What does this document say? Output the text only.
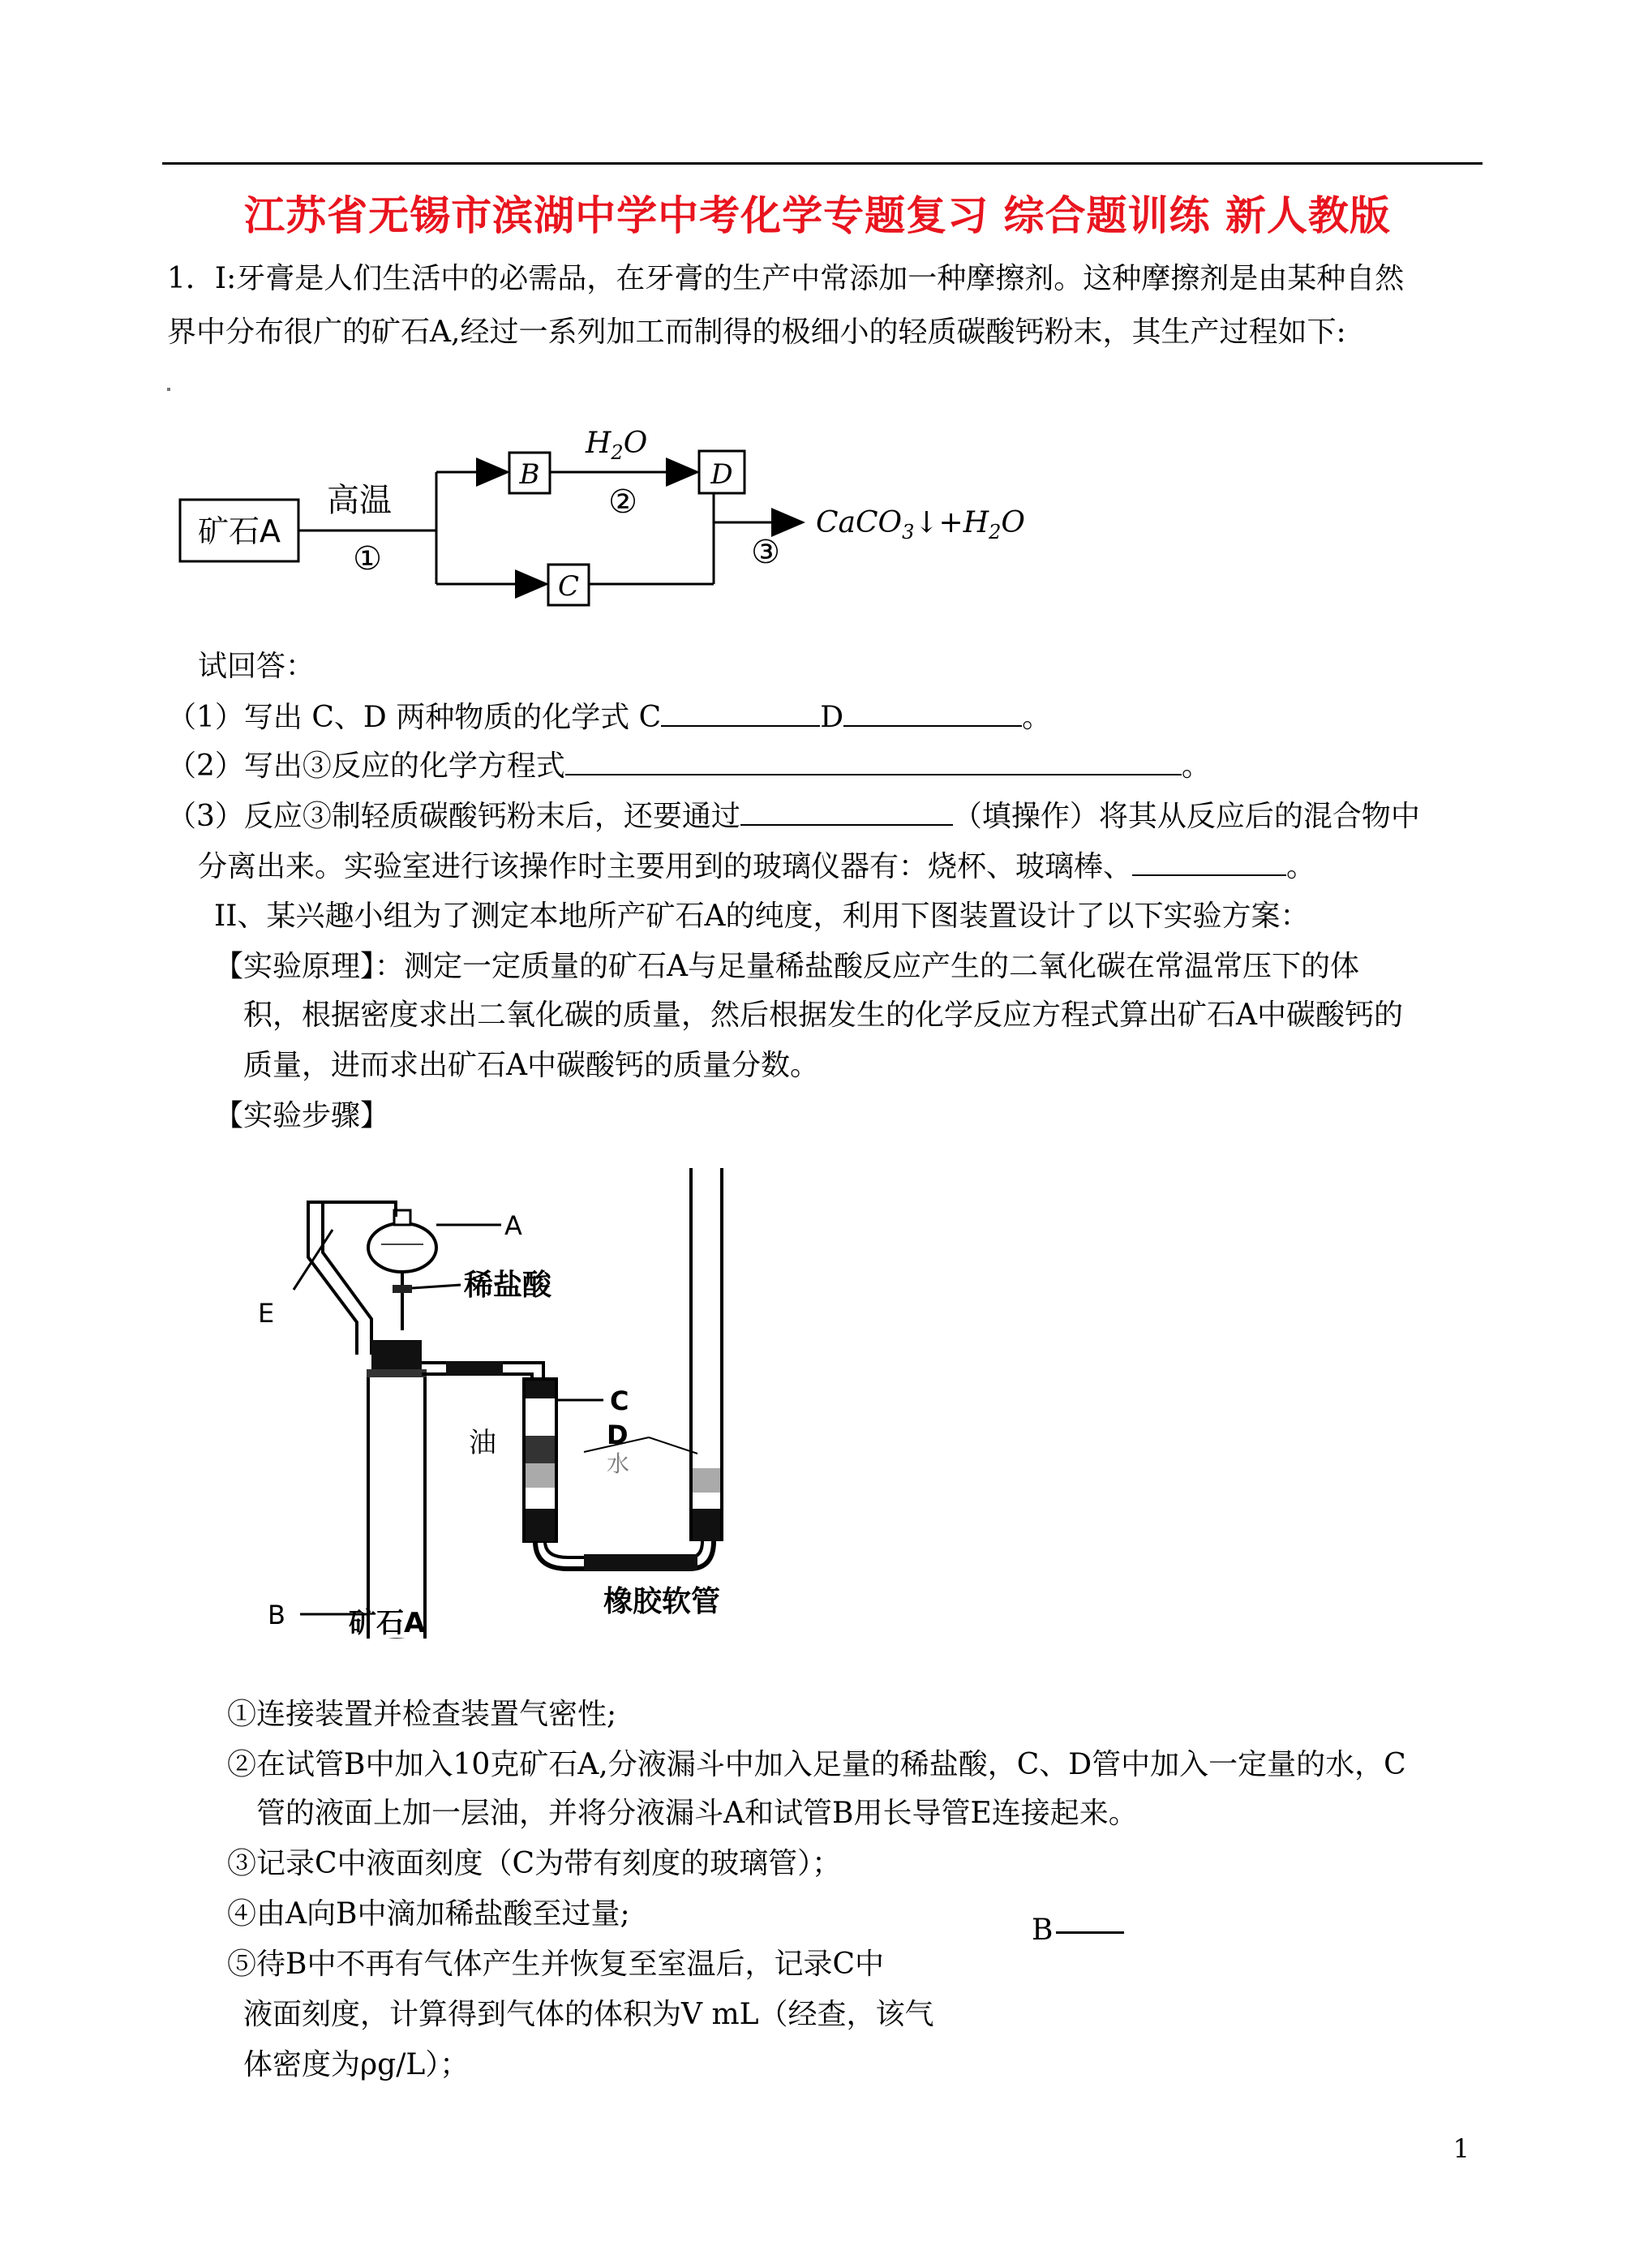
江苏省无锡市滨湖中学中考化学专题复习 综合题训练 新人教版
1．I:牙膏是人们生活中的必需品，在牙膏的生产中常添加一种摩擦剂。这种摩擦剂是由某种自然
界中分布很广的矿石A,经过一系列加工而制得的极细小的轻质碳酸钙粉末，其生产过程如下:
矿石A
高温
①
B
$H_2O$
②
D
C
③
$CaCO_3↓+H_2O$
试回答：
（1）写出 C、D 两种物质的化学式 C	D	。
（2）写出③反应的化学方程式	。
（3）反应③制轻质碳酸钙粉末后，还要通过	（填操作）将其从反应后的混合物中
分离出来。实验室进行该操作时主要用到的玻璃仪器有：烧杯、玻璃棒、	。
II、某兴趣小组为了测定本地所产矿石A的纯度，利用下图装置设计了以下实验方案：
【实验原理】：测定一定质量的矿石A与足量稀盐酸反应产生的二氧化碳在常温常压下的体
积，根据密度求出二氧化碳的质量，然后根据发生的化学反应方程式算出矿石A中碳酸钙的
质量，进而求出矿石A中碳酸钙的质量分数。
【实验步骤】
A
稀盐酸
E
C
D
油
水
B 矿石A
橡胶软管
①连接装置并检查装置气密性;
②在试管B中加入10克矿石A,分液漏斗中加入足量的稀盐酸，C、D管中加入一定量的水，C
管的液面上加一层油，并将分液漏斗A和试管B用长导管E连接起来。
③记录C中液面刻度（C为带有刻度的玻璃管）；
④由A向B中滴加稀盐酸至过量;
⑤待B中不再有气体产生并恢复至室温后，记录C中
液面刻度，计算得到气体的体积为V mL（经查，该气
体密度为ρg/L）；
B
1
